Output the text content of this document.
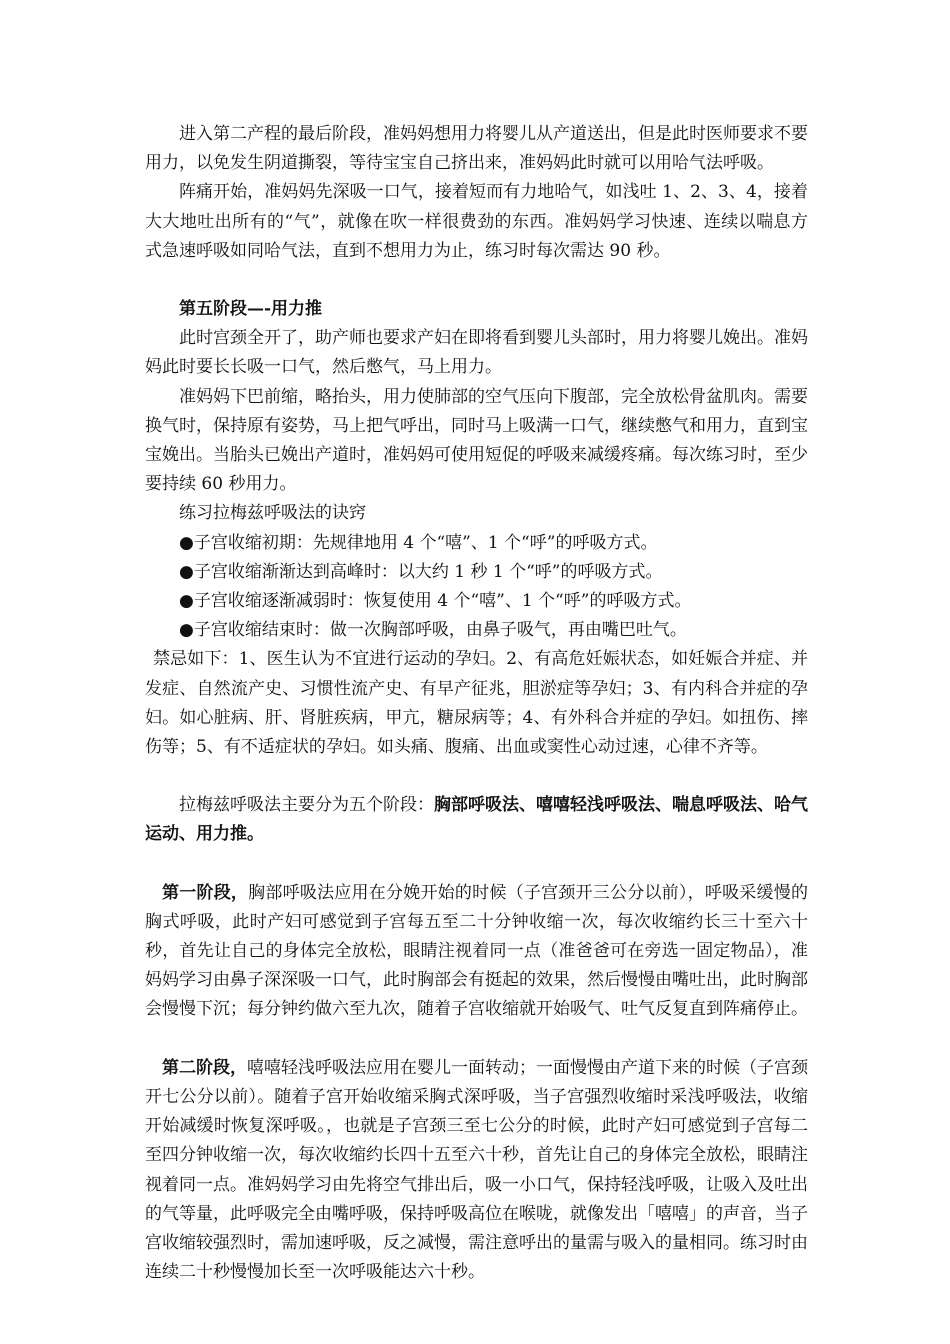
进入第二产程的最后阶段，准妈妈想用力将婴儿从产道送出，但是此时医师要求不要用力，以免发生阴道撕裂，等待宝宝自己挤出来，准妈妈此时就可以用哈气法呼吸。

阵痛开始，准妈妈先深吸一口气，接着短而有力地哈气，如浅吐 1、2、3、4，接着大大地吐出所有的“气”，就像在吹一样很费劲的东西。准妈妈学习快速、连续以喘息方式急速呼吸如同哈气法，直到不想用力为止，练习时每次需达 90 秒。

第五阶段—-用力推

此时宫颈全开了，助产师也要求产妇在即将看到婴儿头部时，用力将婴儿娩出。准妈妈此时要长长吸一口气，然后憋气，马上用力。

准妈妈下巴前缩，略抬头，用力使肺部的空气压向下腹部，完全放松骨盆肌肉。需要换气时，保持原有姿势，马上把气呼出，同时马上吸满一口气，继续憋气和用力，直到宝宝娩出。当胎头已娩出产道时，准妈妈可使用短促的呼吸来减缓疼痛。每次练习时，至少要持续 60 秒用力。

练习拉梅兹呼吸法的诀窍

●子宫收缩初期：先规律地用 4 个“嘻”、1 个“呼”的呼吸方式。

●子宫收缩渐渐达到高峰时：以大约 1 秒 1 个“呼”的呼吸方式。

●子宫收缩逐渐减弱时：恢复使用 4 个“嘻”、1 个“呼”的呼吸方式。

●子宫收缩结束时：做一次胸部呼吸，由鼻子吸气，再由嘴巴吐气。

禁忌如下：1、医生认为不宜进行运动的孕妇。2、有高危妊娠状态，如妊娠合并症、并发症、自然流产史、习惯性流产史、有早产征兆，胆淤症等孕妇；3、有内科合并症的孕妇。如心脏病、肝、肾脏疾病，甲亢，糖尿病等；4、有外科合并症的孕妇。如扭伤、摔伤等；5、有不适症状的孕妇。如头痛、腹痛、出血或窦性心动过速，心律不齐等。

拉梅兹呼吸法主要分为五个阶段：胸部呼吸法、嘻嘻轻浅呼吸法、喘息呼吸法、哈气运动、用力推。

第一阶段，胸部呼吸法应用在分娩开始的时候（子宫颈开三公分以前），呼吸采缓慢的胸式呼吸，此时产妇可感觉到子宫每五至二十分钟收缩一次，每次收缩约长三十至六十秒，首先让自己的身体完全放松，眼睛注视着同一点（准爸爸可在旁选一固定物品），准妈妈学习由鼻子深深吸一口气，此时胸部会有挺起的效果，然后慢慢由嘴吐出，此时胸部会慢慢下沉；每分钟约做六至九次，随着子宫收缩就开始吸气、吐气反复直到阵痛停止。

第二阶段，嘻嘻轻浅呼吸法应用在婴儿一面转动；一面慢慢由产道下来的时候（子宫颈开七公分以前）。随着子宫开始收缩采胸式深呼吸，当子宫强烈收缩时采浅呼吸法，收缩开始减缓时恢复深呼吸。，也就是子宫颈三至七公分的时候，此时产妇可感觉到子宫每二至四分钟收缩一次，每次收缩约长四十五至六十秒，首先让自己的身体完全放松，眼睛注视着同一点。准妈妈学习由先将空气排出后，吸一小口气，保持轻浅呼吸，让吸入及吐出的气等量，此呼吸完全由嘴呼吸，保持呼吸高位在喉咙，就像发出「嘻嘻」的声音，当子宫收缩较强烈时，需加速呼吸，反之减慢，需注意呼出的量需与吸入的量相同。练习时由连续二十秒慢慢加长至一次呼吸能达六十秒。
